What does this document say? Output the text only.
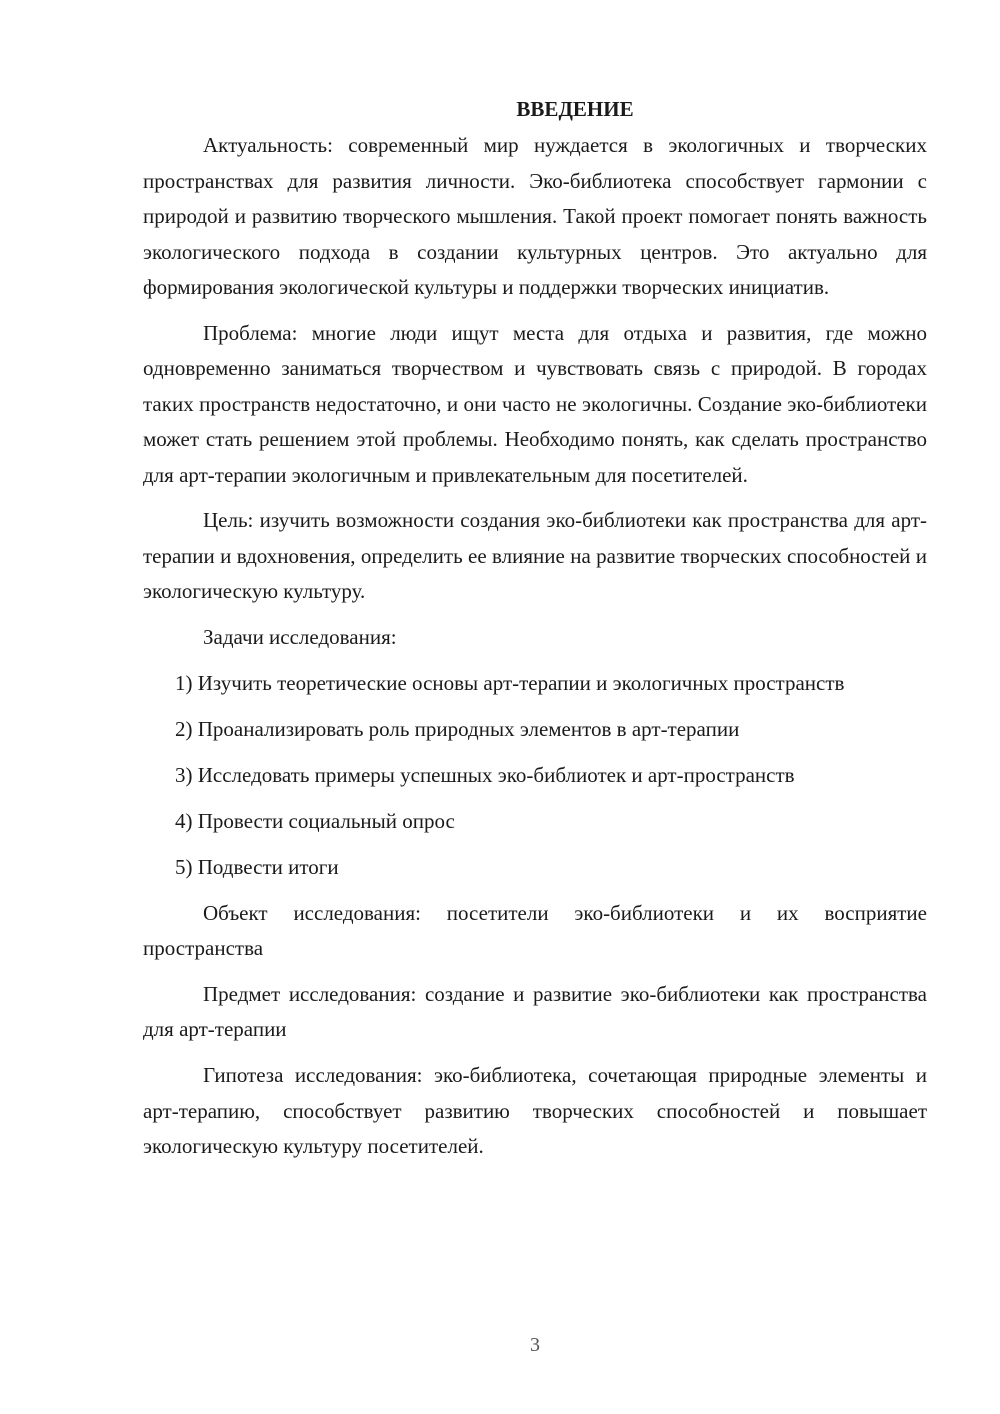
ВВЕДЕНИЕ

Актуальность: современный мир нуждается в экологичных и творческих пространствах для развития личности. Эко-библиотека способствует гармонии с природой и развитию творческого мышления. Такой проект помогает понять важность экологического подхода в создании культурных центров. Это актуально для формирования экологической культуры и поддержки творческих инициатив.

Проблема: многие люди ищут места для отдыха и развития, где можно одновременно заниматься творчеством и чувствовать связь с природой. В городах таких пространств недостаточно, и они часто не экологичны. Создание эко-библиотеки может стать решением этой проблемы. Необходимо понять, как сделать пространство для арт-терапии экологичным и привлекательным для посетителей.

Цель: изучить возможности создания эко-библиотеки как пространства для арт-терапии и вдохновения, определить ее влияние на развитие творческих способностей и экологическую культуру.

Задачи исследования:

1) Изучить теоретические основы арт-терапии и экологичных пространств

2) Проанализировать роль природных элементов в арт-терапии

3) Исследовать примеры успешных эко-библиотек и арт-пространств

4) Провести социальный опрос

5) Подвести итоги

Объект исследования: посетители эко-библиотеки и их восприятие пространства

Предмет исследования: создание и развитие эко-библиотеки как пространства для арт-терапии

Гипотеза исследования: эко-библиотека, сочетающая природные элементы и арт-терапию, способствует развитию творческих способностей и повышает экологическую культуру посетителей.

3
